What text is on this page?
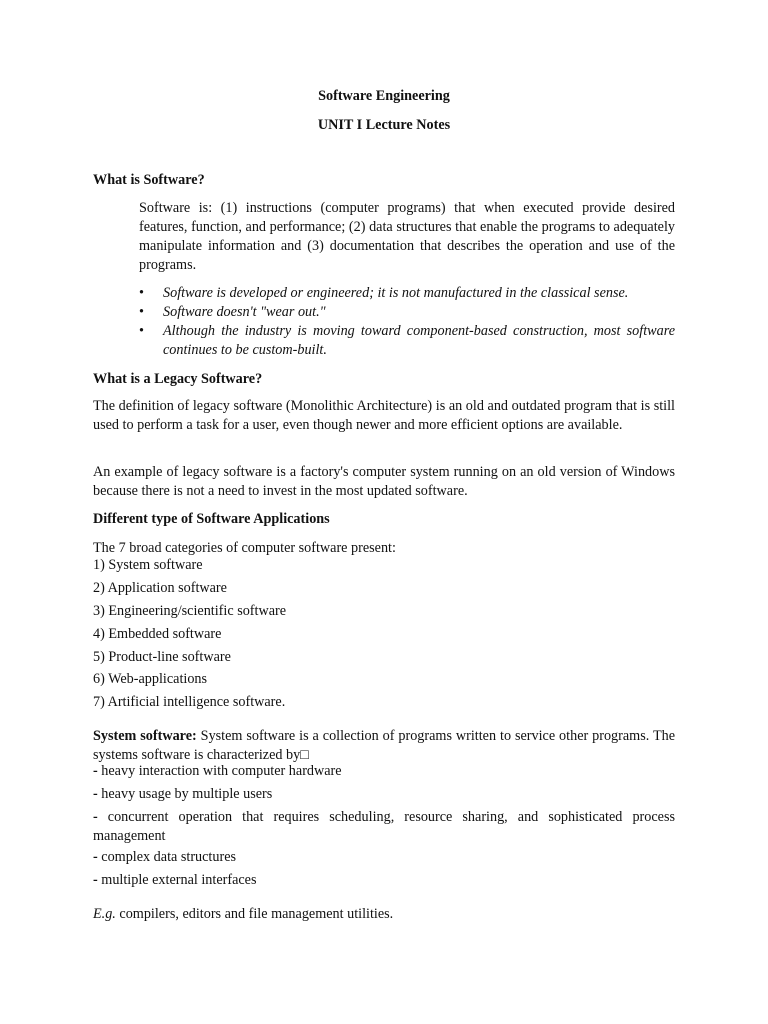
Software Engineering
UNIT I Lecture Notes
What is Software?

Software is: (1) instructions (computer programs) that when executed provide desired features, function, and performance; (2) data structures that enable the programs to adequately manipulate information and (3) documentation that describes the operation and use of the programs.

• Software is developed or engineered; it is not manufactured in the classical sense.
• Software doesn't "wear out."
• Although the industry is moving toward component-based construction, most software continues to be custom-built.
What is a Legacy Software?

The definition of legacy software (Monolithic Architecture) is an old and outdated program that is still used to perform a task for a user, even though newer and more efficient options are available.

An example of legacy software is a factory's computer system running on an old version of Windows because there is not a need to invest in the most updated software.

Different type of Software Applications
The 7 broad categories of computer software present:
1) System software
2) Application software
3) Engineering/scientific software
4) Embedded software
5) Product-line software
6) Web-applications
7) Artificial intelligence software.

System software: System software is a collection of programs written to service other programs. The systems software is characterized by□

- heavy interaction with computer hardware
- heavy usage by multiple users

- concurrent operation that requires scheduling, resource sharing, and sophisticated process management

- complex data structures
- multiple external interfaces
E.g. compilers, editors and file management utilities.
